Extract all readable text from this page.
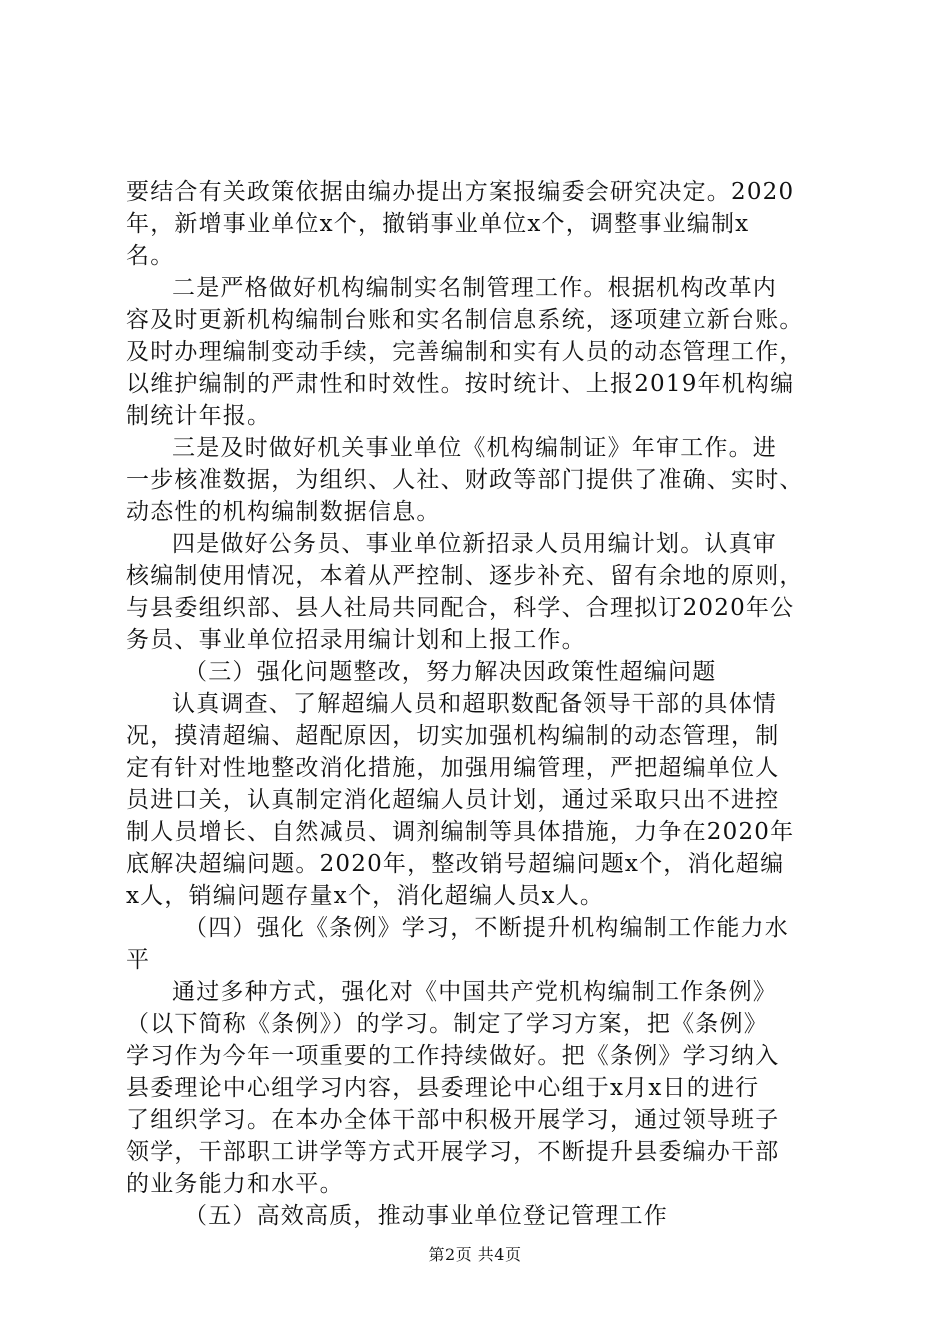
要结合有关政策依据由编办提出方案报编委会研究决定。2020
年，新增事业单位x个，撤销事业单位x个，调整事业编制x
名。
二是严格做好机构编制实名制管理工作。根据机构改革内
容及时更新机构编制台账和实名制信息系统，逐项建立新台账。
及时办理编制变动手续，完善编制和实有人员的动态管理工作，
以维护编制的严肃性和时效性。按时统计、上报2019年机构编
制统计年报。
三是及时做好机关事业单位《机构编制证》年审工作。进
一步核准数据，为组织、人社、财政等部门提供了准确、实时、
动态性的机构编制数据信息。
四是做好公务员、事业单位新招录人员用编计划。认真审
核编制使用情况，本着从严控制、逐步补充、留有余地的原则，
与县委组织部、县人社局共同配合，科学、合理拟订2020年公
务员、事业单位招录用编计划和上报工作。
（三）强化问题整改，努力解决因政策性超编问题
认真调查、了解超编人员和超职数配备领导干部的具体情
况，摸清超编、超配原因，切实加强机构编制的动态管理，制
定有针对性地整改消化措施，加强用编管理，严把超编单位人
员进口关，认真制定消化超编人员计划，通过采取只出不进控
制人员增长、自然减员、调剂编制等具体措施，力争在2020年
底解决超编问题。2020年，整改销号超编问题x个，消化超编
x人，销编问题存量x个，消化超编人员x人。
（四）强化《条例》学习，不断提升机构编制工作能力水
平
通过多种方式，强化对《中国共产党机构编制工作条例》
（以下简称《条例》）的学习。制定了学习方案，把《条例》
学习作为今年一项重要的工作持续做好。把《条例》学习纳入
县委理论中心组学习内容，县委理论中心组于x月x日的进行
了组织学习。在本办全体干部中积极开展学习，通过领导班子
领学，干部职工讲学等方式开展学习，不断提升县委编办干部
的业务能力和水平。
（五）高效高质，推动事业单位登记管理工作
第2页 共4页
